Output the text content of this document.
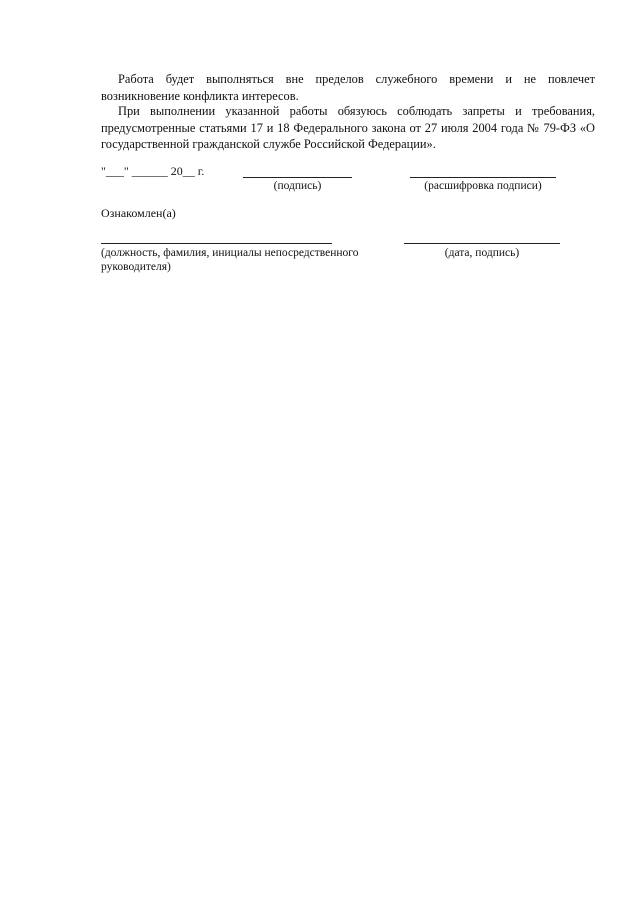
Работа будет выполняться вне пределов служебного времени и не повлечет возникновение конфликта интересов.

При выполнении указанной работы обязуюсь соблюдать запреты и требования, предусмотренные статьями 17 и 18 Федерального закона от 27 июля 2004 года № 79-ФЗ «О государственной гражданской службе Российской Федерации».

"___" ______ 20__ г.
(подпись)	(расшифровка подписи)
Ознакомлен(а)
(должность, фамилия, инициалы непосредственного руководителя)
(дата, подпись)
